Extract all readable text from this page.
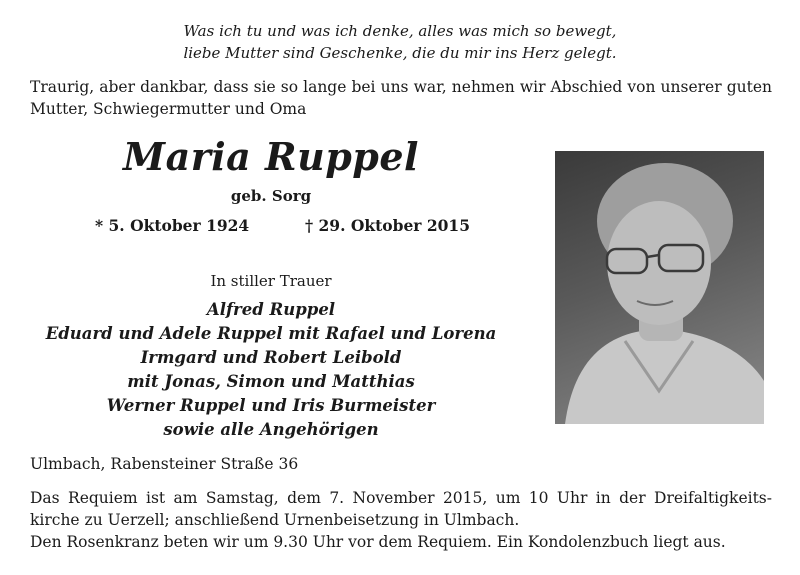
Was ich tu und was ich denke, alles was mich so bewegt,
liebe Mutter sind Geschenke, die du mir ins Herz gelegt.
Traurig, aber dankbar, dass sie so lange bei uns war, nehmen wir Abschied von unserer guten Mutter, Schwiegermutter und Oma
Maria Ruppel
geb. Sorg
* 5. Oktober 1924	† 29. Oktober 2015
In stiller Trauer
Alfred Ruppel
Eduard und Adele Ruppel mit Rafael und Lorena
Irmgard und Robert Leibold
mit Jonas, Simon und Matthias
Werner Ruppel und Iris Burmeister
sowie alle Angehörigen
Ulmbach, Rabensteiner Straße 36
Das Requiem ist am Samstag, dem 7. November 2015, um 10 Uhr in der Dreifaltigkeits-
kirche zu Uerzell; anschließend Urnenbeisetzung in Ulmbach.
Den Rosenkranz beten wir um 9.30 Uhr vor dem Requiem. Ein Kondolenzbuch liegt aus.
